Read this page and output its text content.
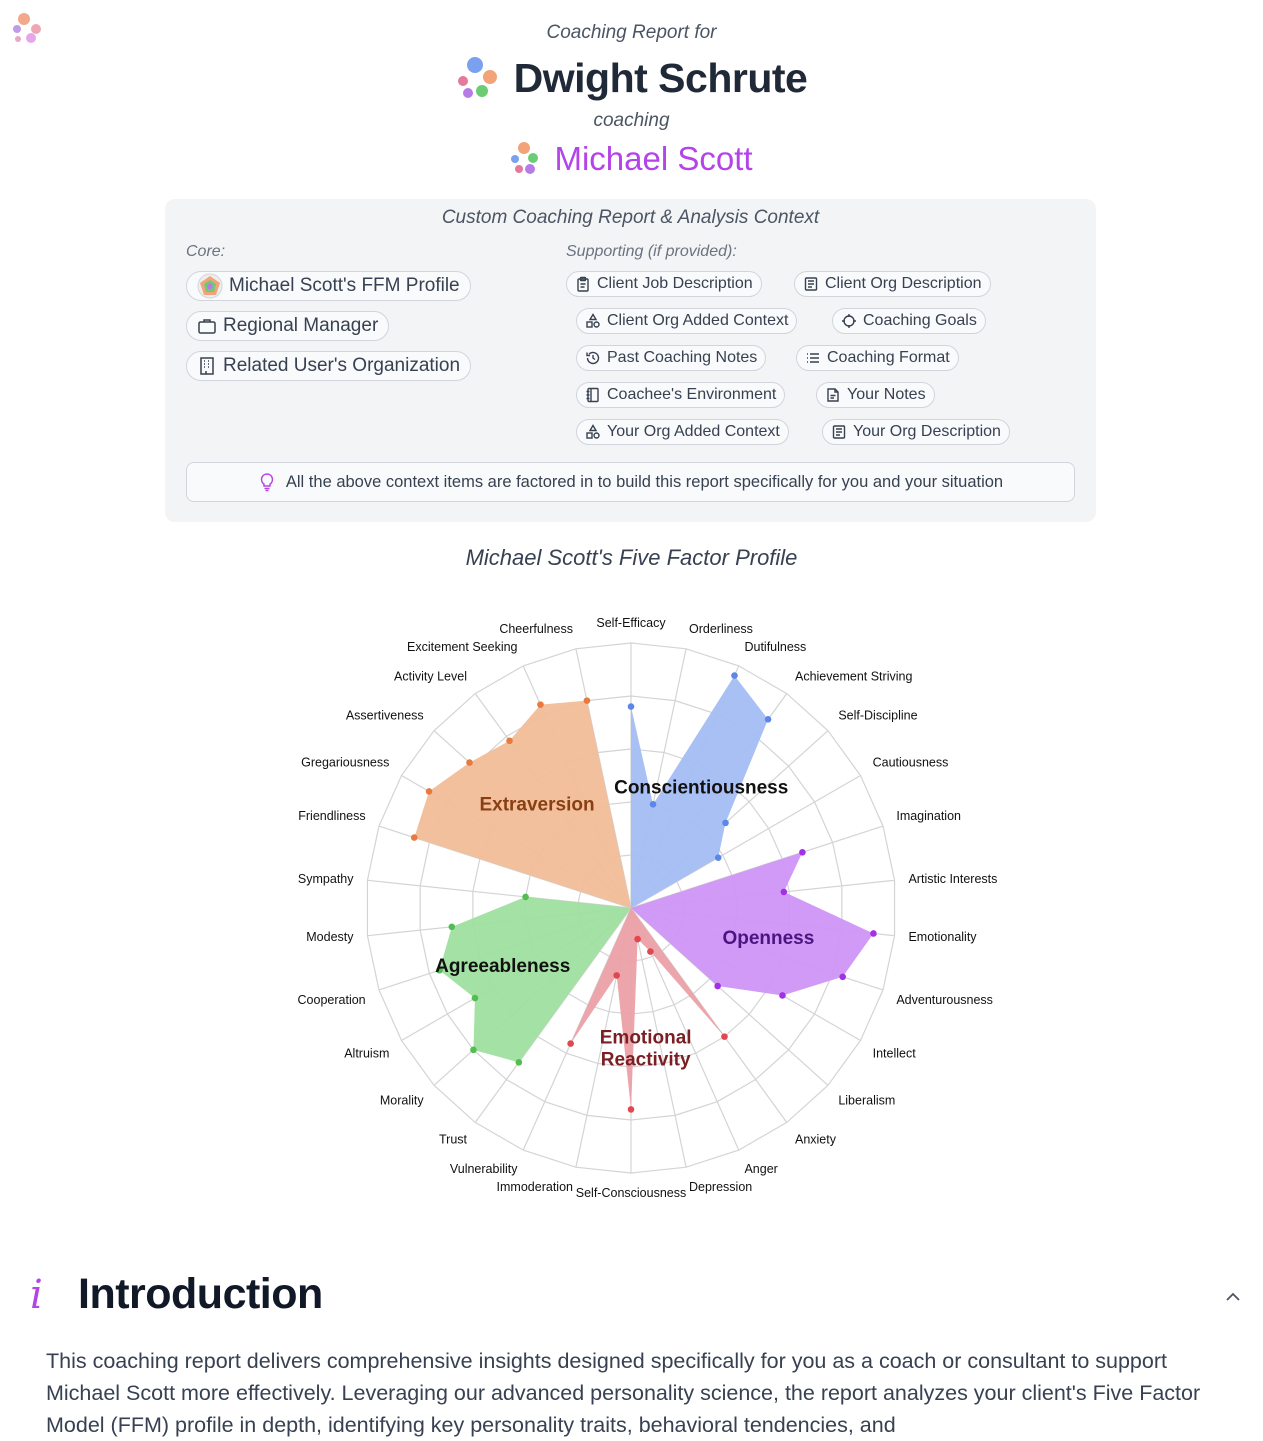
Coaching Report for
Dwight Schrute
coaching
Michael Scott
Custom Coaching Report & Analysis Context
Core:	Supporting (if provided):
Michael Scott's FFM Profile
Regional Manager
Related User's Organization
Client Job Description	Client Org Description
Client Org Added Context	Coaching Goals
Past Coaching Notes	Coaching Format
Coachee's Environment	Your Notes
Your Org Added Context	Your Org Description
All the above context items are factored in to build this report specifically for you and your situation
Michael Scott's Five Factor Profile
Conscientiousness
Openness
Emotional
Reactivity
Agreeableness
Extraversion
Self-Efficacy Orderliness
Dutifulness
Achievement Striving
Self-Discipline
Cautiousness
Imagination
Artistic Interests
Emotionality
Adventurousness
Intellect
Liberalism
Anxiety
Anger
Depression
Self-Consciousness
Immoderation
Vulnerability
Trust
Morality
Altruism
Cooperation
Modesty
Sympathy
Friendliness
Gregariousness
Assertiveness
Activity Level
Excitement Seeking
Cheerfulness
i Introduction
This coaching report delivers comprehensive insights designed specifically for you as a coach or consultant to support Michael Scott more effectively. Leveraging our advanced personality science, the report analyzes your client's Five Factor Model (FFM) profile in depth, identifying key personality traits, behavioral tendencies, and
